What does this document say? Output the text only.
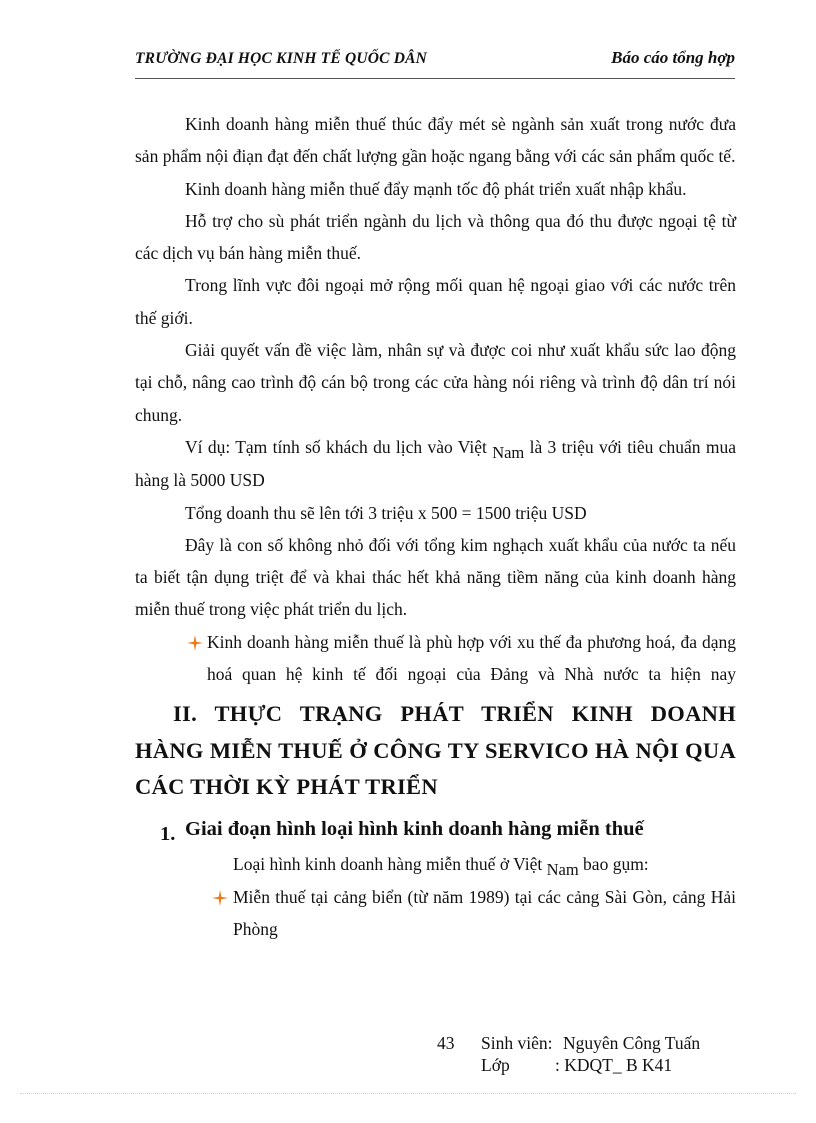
TRƯỜNG ĐẠI HỌC KINH TẾ QUỐC DÂN	Báo cáo tổng hợp

Kinh doanh hàng miễn thuế thúc đẩy mét sè ngành sản xuất trong nước đưa sản phẩm nội điạn đạt đến chất lượng gần hoặc ngang bằng với các sản phẩm quốc tế.

Kinh doanh hàng miễn thuế đẩy mạnh tốc độ phát triển xuất nhập khẩu.

Hỗ trợ cho sù phát triển ngành du lịch và thông qua đó thu được ngoại tệ từ các dịch vụ bán hàng miễn thuế.

Trong lĩnh vực đôi ngoại mở rộng mối quan hệ ngoại giao với các nước trên thế giới.

Giải quyết vấn đề việc làm, nhân sự và được coi như xuất khẩu sức lao động tại chỗ, nâng cao trình độ cán bộ trong các cửa hàng nói riêng và trình độ dân trí nói chung.

Ví dụ: Tạm tính số khách du lịch vào Việt Nam là 3 triệu với tiêu chuẩn mua hàng là 5000 USD

Tổng doanh thu sẽ lên tới 3 triệu x 500 = 1500 triệu USD

Đây là con số không nhỏ đối với tổng kim nghạch xuất khẩu của nước ta nếu ta biết tận dụng triệt để và khai thác hết khả năng tiềm năng của kinh doanh hàng miễn thuế trong việc phát triển du lịch.

Kinh doanh hàng miễn thuế là phù hợp với xu thế đa phương hoá, đa dạng hoá quan hệ kinh tế đối ngoại của Đảng và Nhà nước ta hiện nay

II. THỰC TRẠNG PHÁT TRIỂN KINH DOANH HÀNG MIỄN THUẾ Ở CÔNG TY SERVICO HÀ NỘI QUA CÁC THỜI KỲ PHÁT TRIỂN

1. Giai đoạn hình loại hình kinh doanh hàng miễn thuế

Loại hình kinh doanh hàng miễn thuế ở Việt Nam bao gụm:

Miễn thuế tại cảng biển (từ năm 1989) tại các cảng Sài Gòn, cảng Hải Phòng

43 Sinh viên: Nguyên Công Tuấn
Lớp	: KDQT_ B K41
